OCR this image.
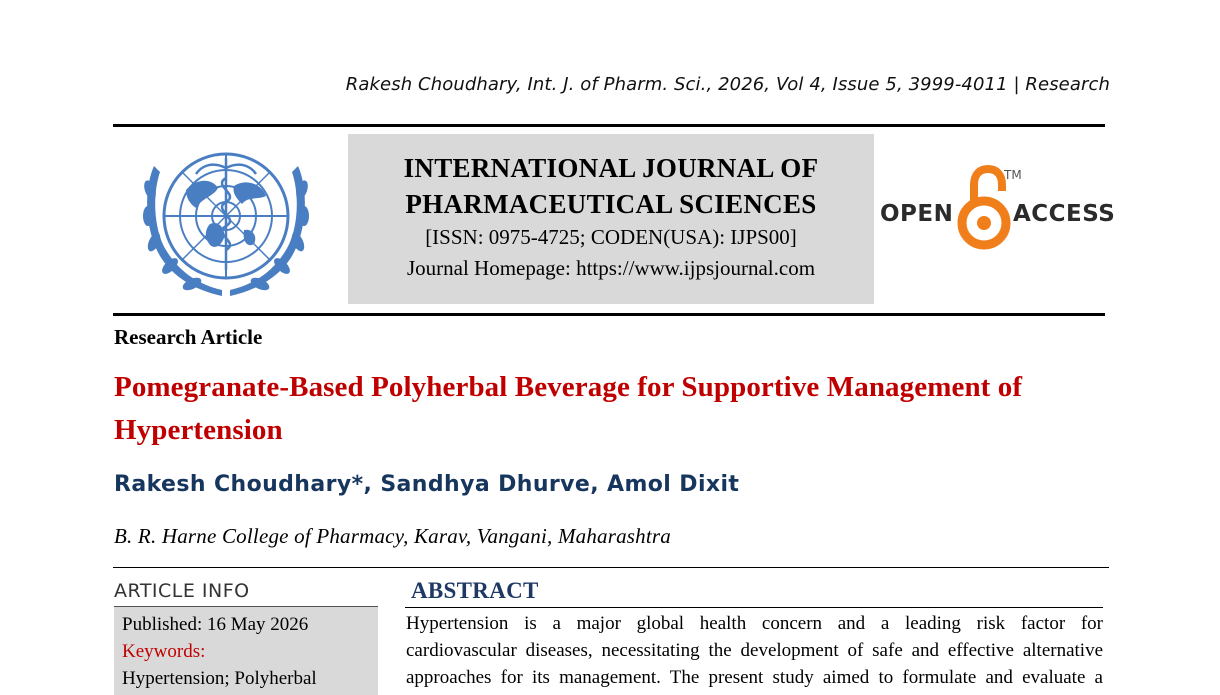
Rakesh Choudhary, Int. J. of Pharm. Sci., 2026, Vol 4, Issue 5, 3999-4011 | Research
INTERNATIONAL JOURNAL OF
PHARMACEUTICAL SCIENCES
[ISSN: 0975-4725; CODEN(USA): IJPS00]
Journal Homepage: https://www.ijpsjournal.com
OPEN
TM
ACCESS
Research Article
Pomegranate-Based Polyherbal Beverage for Supportive Management of
Hypertension
Rakesh Choudhary*, Sandhya Dhurve, Amol Dixit
B. R. Harne College of Pharmacy, Karav, Vangani, Maharashtra
ARTICLE INFO
Published: 16 May 2026
Keywords:
Hypertension; Polyherbal
ABSTRACT
Hypertension is a major global health concern and a leading risk factor for
cardiovascular diseases, necessitating the development of safe and effective alternative
approaches for its management. The present study aimed to formulate and evaluate a
